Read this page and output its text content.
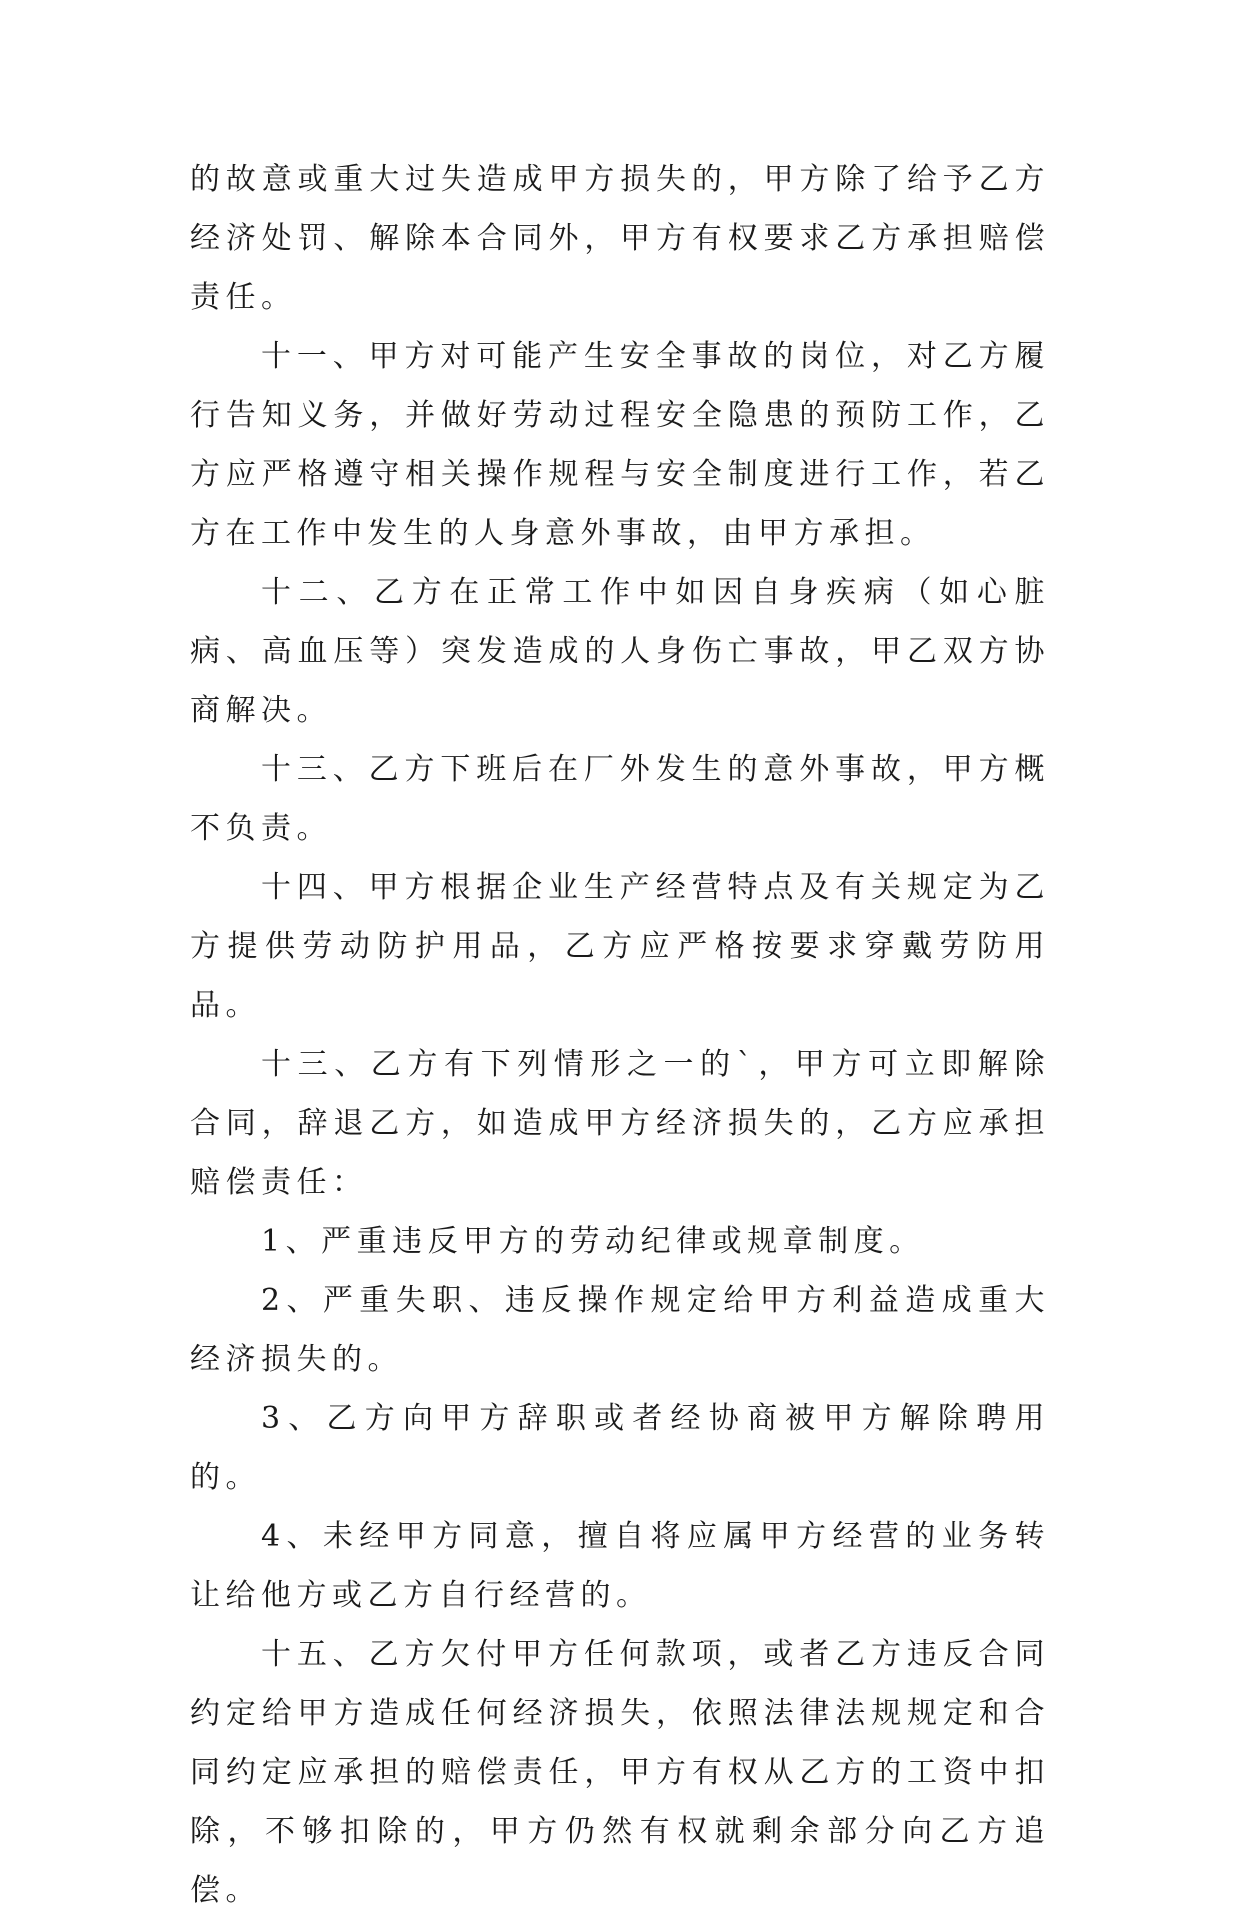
的故意或重大过失造成甲方损失的，甲方除了给予乙方经济处罚、解除本合同外，甲方有权要求乙方承担赔偿责任。

十一、甲方对可能产生安全事故的岗位，对乙方履行告知义务，并做好劳动过程安全隐患的预防工作，乙方应严格遵守相关操作规程与安全制度进行工作，若乙方在工作中发生的人身意外事故，由甲方承担。

十二、乙方在正常工作中如因自身疾病（如心脏病、高血压等）突发造成的人身伤亡事故，甲乙双方协商解决。

十三、乙方下班后在厂外发生的意外事故，甲方概不负责。

十四、甲方根据企业生产经营特点及有关规定为乙方提供劳动防护用品，乙方应严格按要求穿戴劳防用品。

十三、乙方有下列情形之一的`，甲方可立即解除合同，辞退乙方，如造成甲方经济损失的，乙方应承担赔偿责任：

1、严重违反甲方的劳动纪律或规章制度。

2、严重失职、违反操作规定给甲方利益造成重大经济损失的。

3、乙方向甲方辞职或者经协商被甲方解除聘用的。

4、未经甲方同意，擅自将应属甲方经营的业务转让给他方或乙方自行经营的。

十五、乙方欠付甲方任何款项，或者乙方违反合同约定给甲方造成任何经济损失，依照法律法规规定和合同约定应承担的赔偿责任，甲方有权从乙方的工资中扣除，不够扣除的，甲方仍然有权就剩余部分向乙方追偿。
